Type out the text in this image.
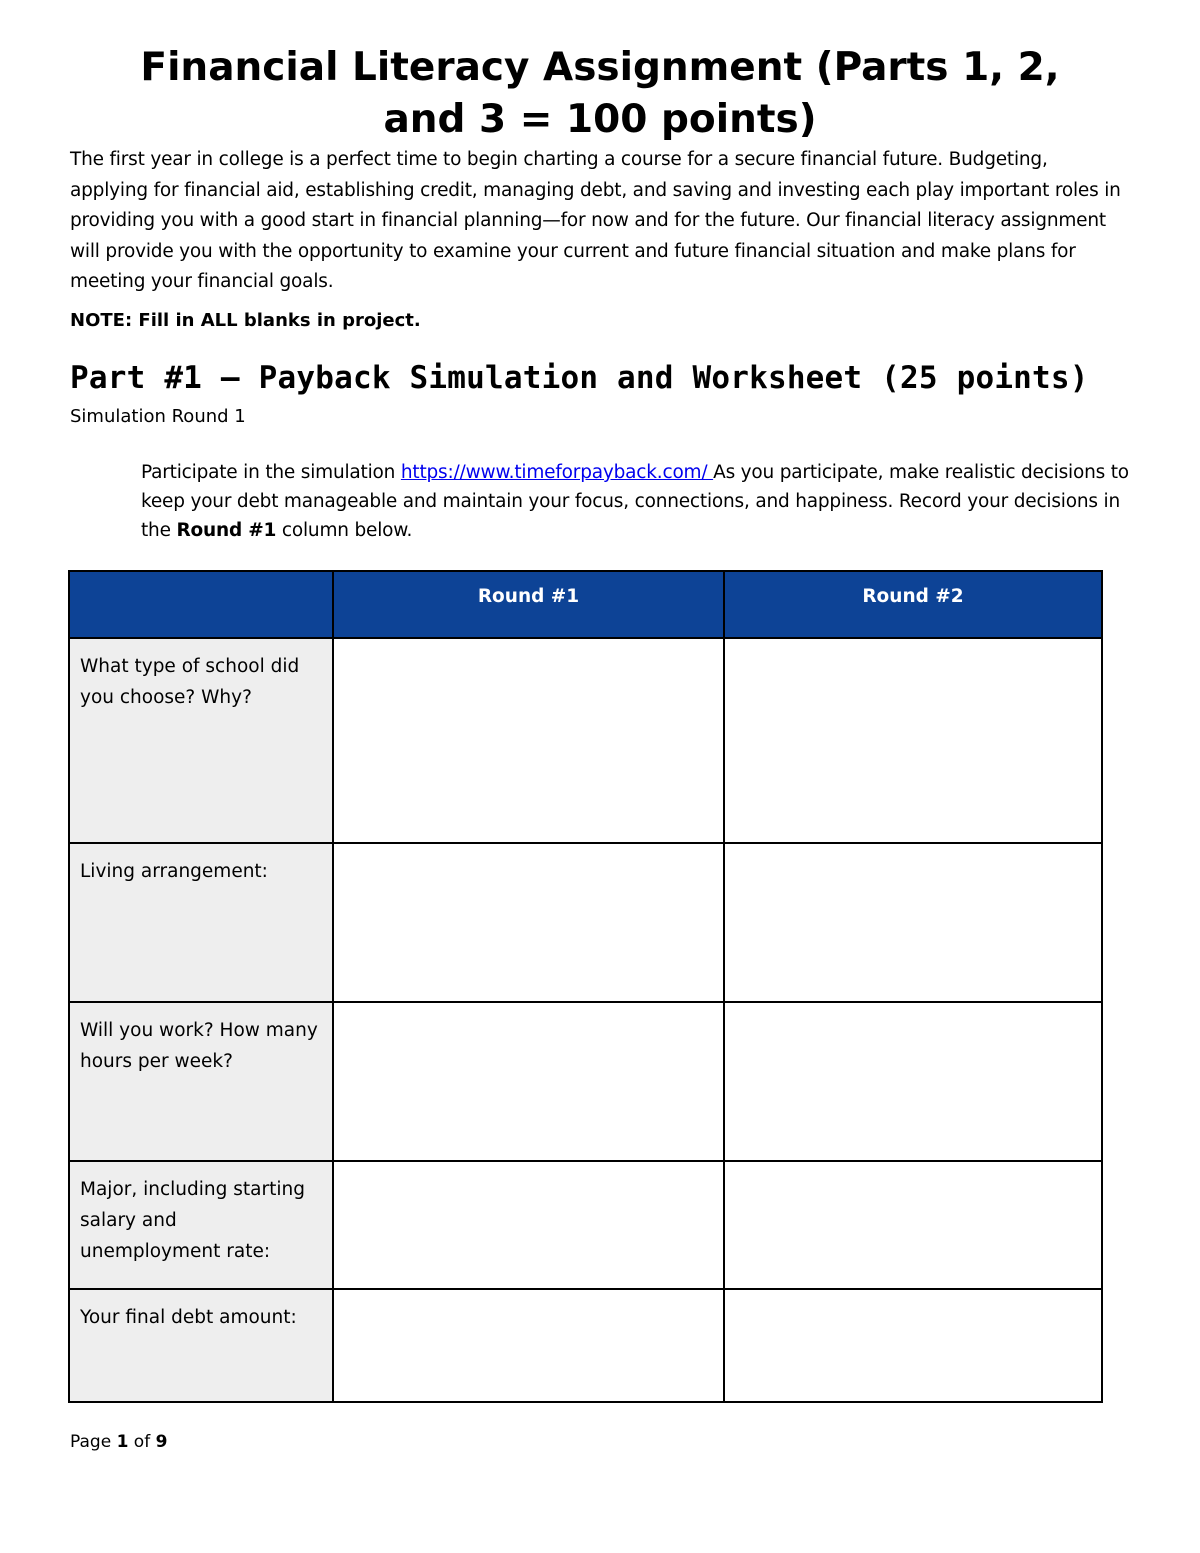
Financial Literacy Assignment (Parts 1, 2,
and 3 = 100 points)

The first year in college is a perfect time to begin charting a course for a secure financial future. Budgeting, applying for financial aid, establishing credit, managing debt, and saving and investing each play important roles in providing you with a good start in financial planning—for now and for the future. Our financial literacy assignment will provide you with the opportunity to examine your current and future financial situation and make plans for meeting your financial goals.

NOTE: Fill in ALL blanks in project.

Part #1 – Payback Simulation and Worksheet (25 points)

Simulation Round 1

Participate in the simulation https://www.timeforpayback.com/ As you participate, make realistic decisions to keep your debt manageable and maintain your focus, connections, and happiness. Record your decisions in the Round #1 column below.

	Round #1	Round #2
What type of school did you choose? Why?		
Living arrangement:		
Will you work? How many hours per week?		
Major, including starting salary and unemployment rate:		
Your final debt amount:		

Page 1 of 9
